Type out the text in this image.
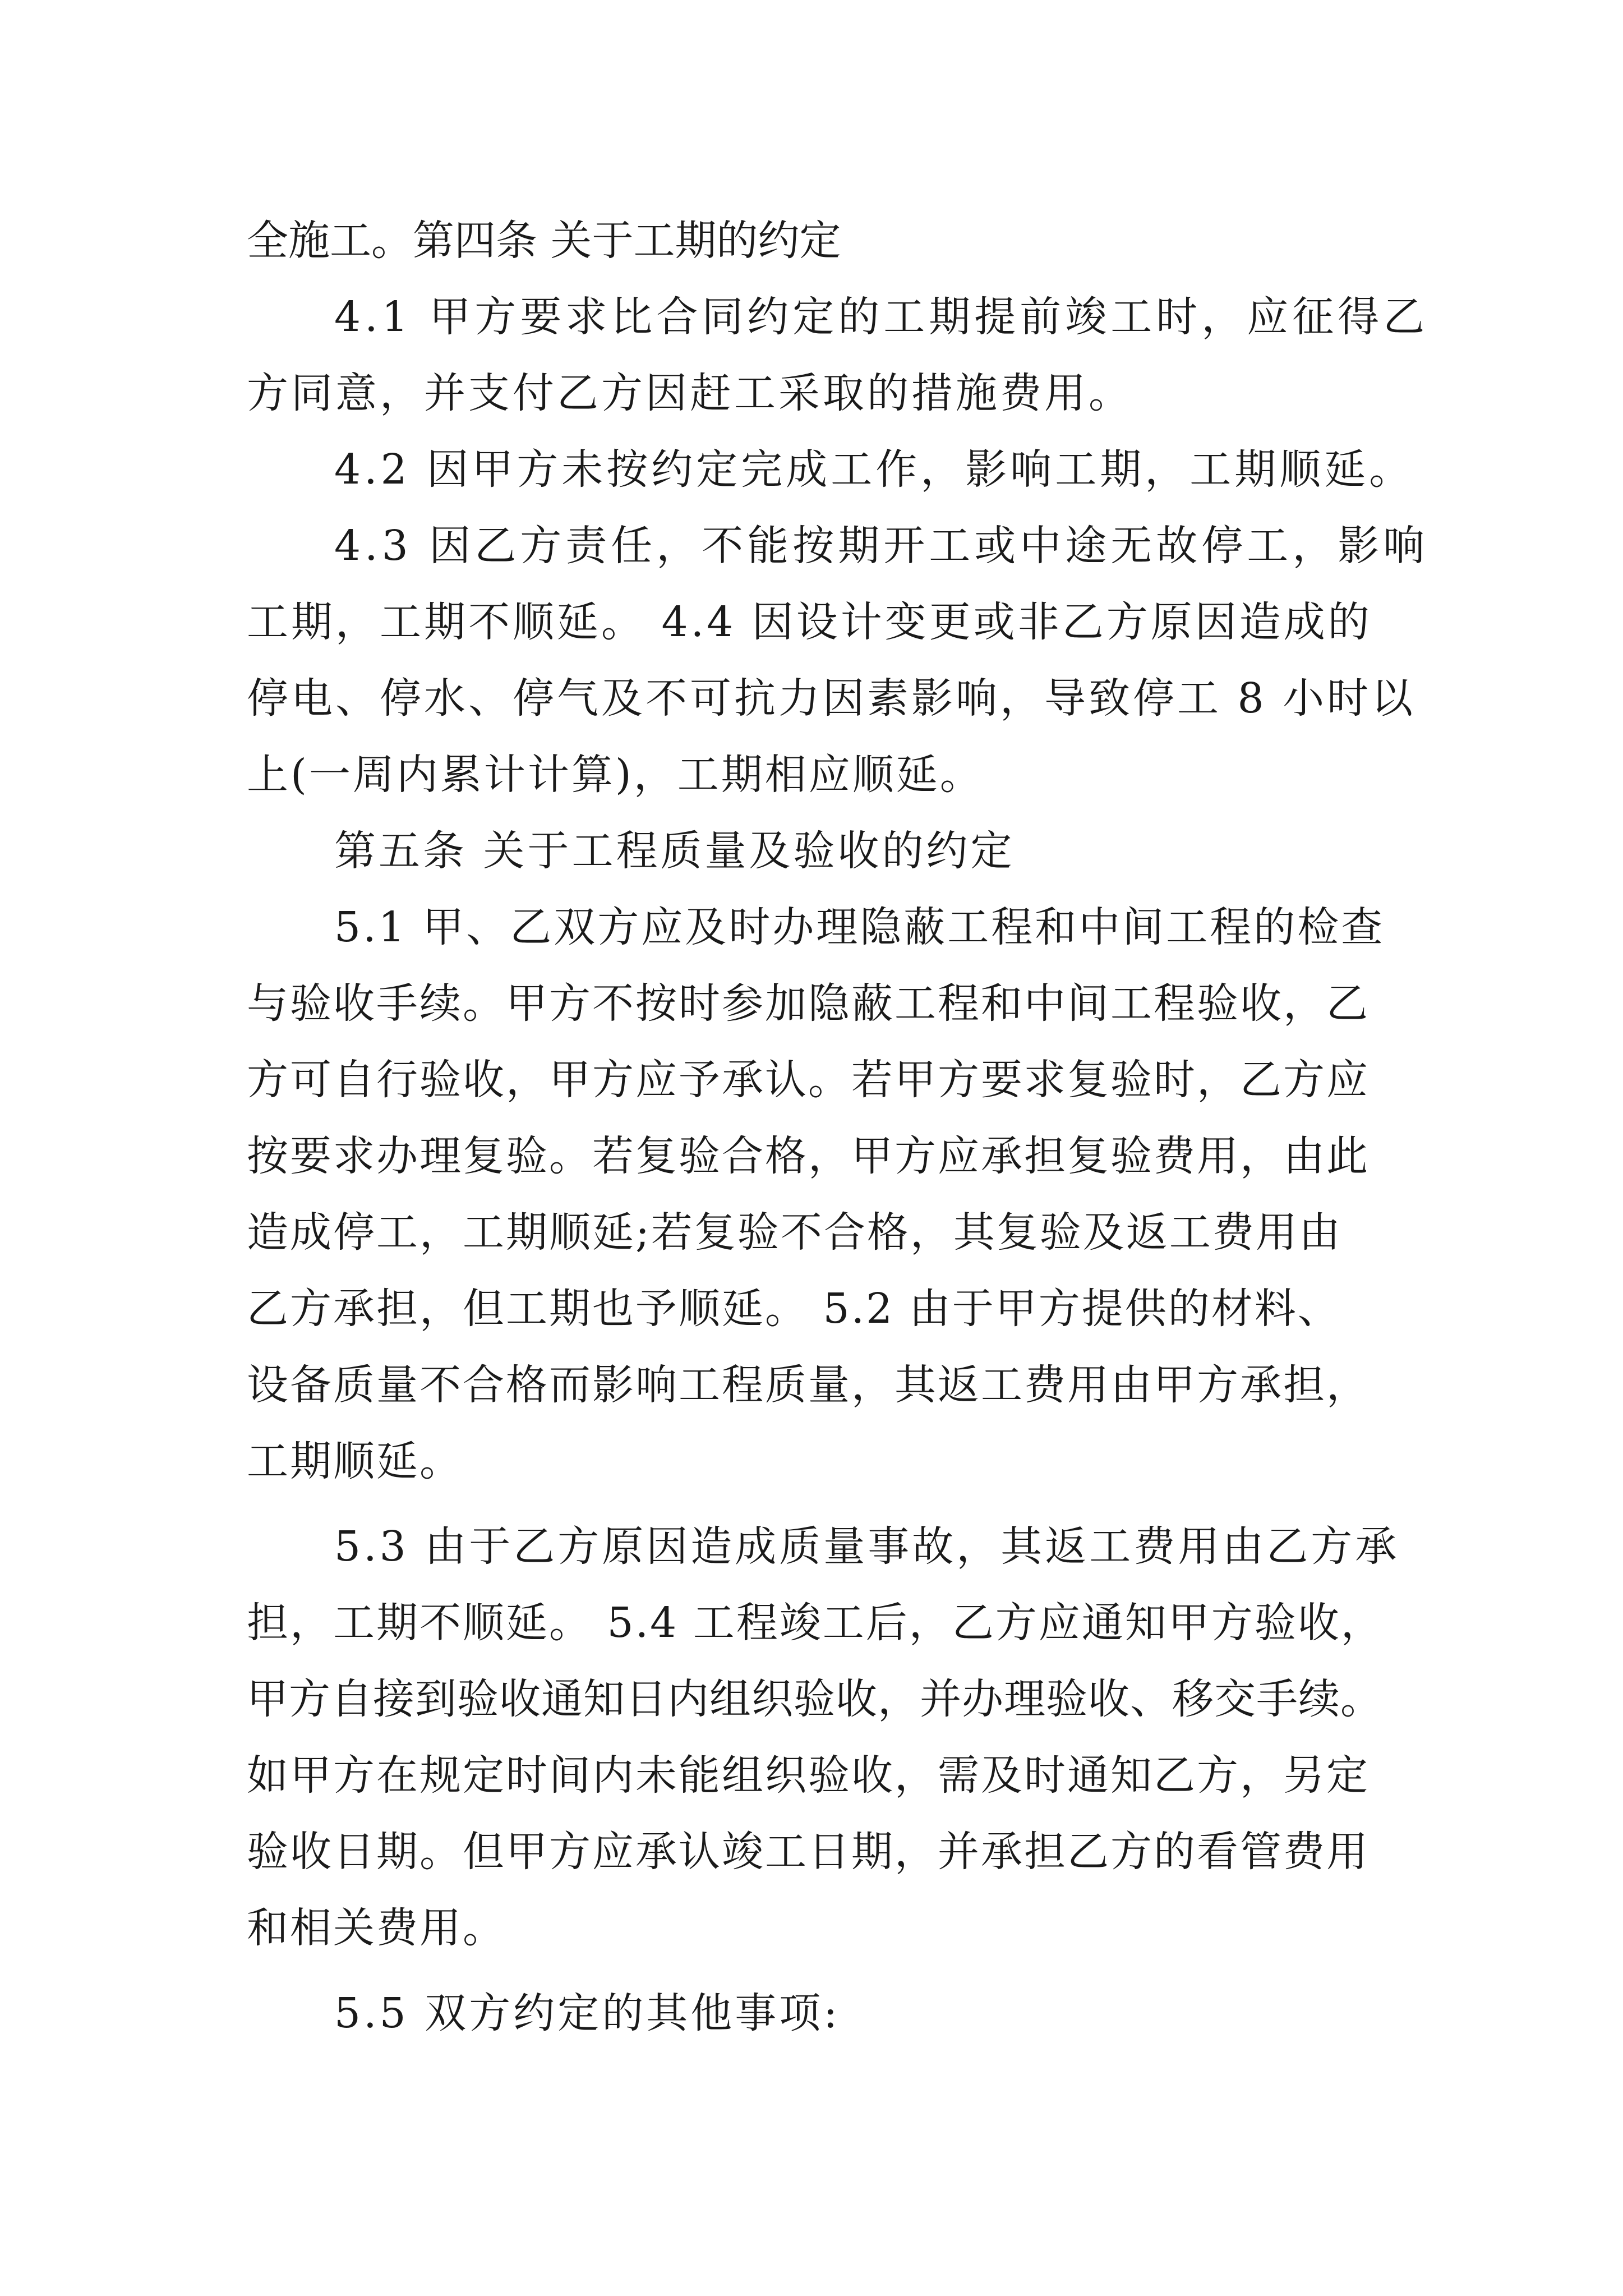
全施工。第四条 关于工期的约定

4.1 甲方要求比合同约定的工期提前竣工时，应征得乙

方同意，并支付乙方因赶工采取的措施费用。

4.2 因甲方未按约定完成工作，影响工期，工期顺延。

4.3 因乙方责任，不能按期开工或中途无故停工，影响

工期，工期不顺延。 4.4 因设计变更或非乙方原因造成的

停电、停水、停气及不可抗力因素影响，导致停工 8 小时以

上(一周内累计计算)，工期相应顺延。

第五条 关于工程质量及验收的约定

5.1 甲、乙双方应及时办理隐蔽工程和中间工程的检查

与验收手续。甲方不按时参加隐蔽工程和中间工程验收，乙

方可自行验收，甲方应予承认。若甲方要求复验时，乙方应

按要求办理复验。若复验合格，甲方应承担复验费用，由此

造成停工，工期顺延;若复验不合格，其复验及返工费用由

乙方承担，但工期也予顺延。 5.2 由于甲方提供的材料、

设备质量不合格而影响工程质量，其返工费用由甲方承担，

工期顺延。

5.3 由于乙方原因造成质量事故，其返工费用由乙方承

担，工期不顺延。 5.4 工程竣工后，乙方应通知甲方验收，

甲方自接到验收通知日内组织验收，并办理验收、移交手续。

如甲方在规定时间内未能组织验收，需及时通知乙方，另定

验收日期。但甲方应承认竣工日期，并承担乙方的看管费用

和相关费用。

5.5 双方约定的其他事项:
